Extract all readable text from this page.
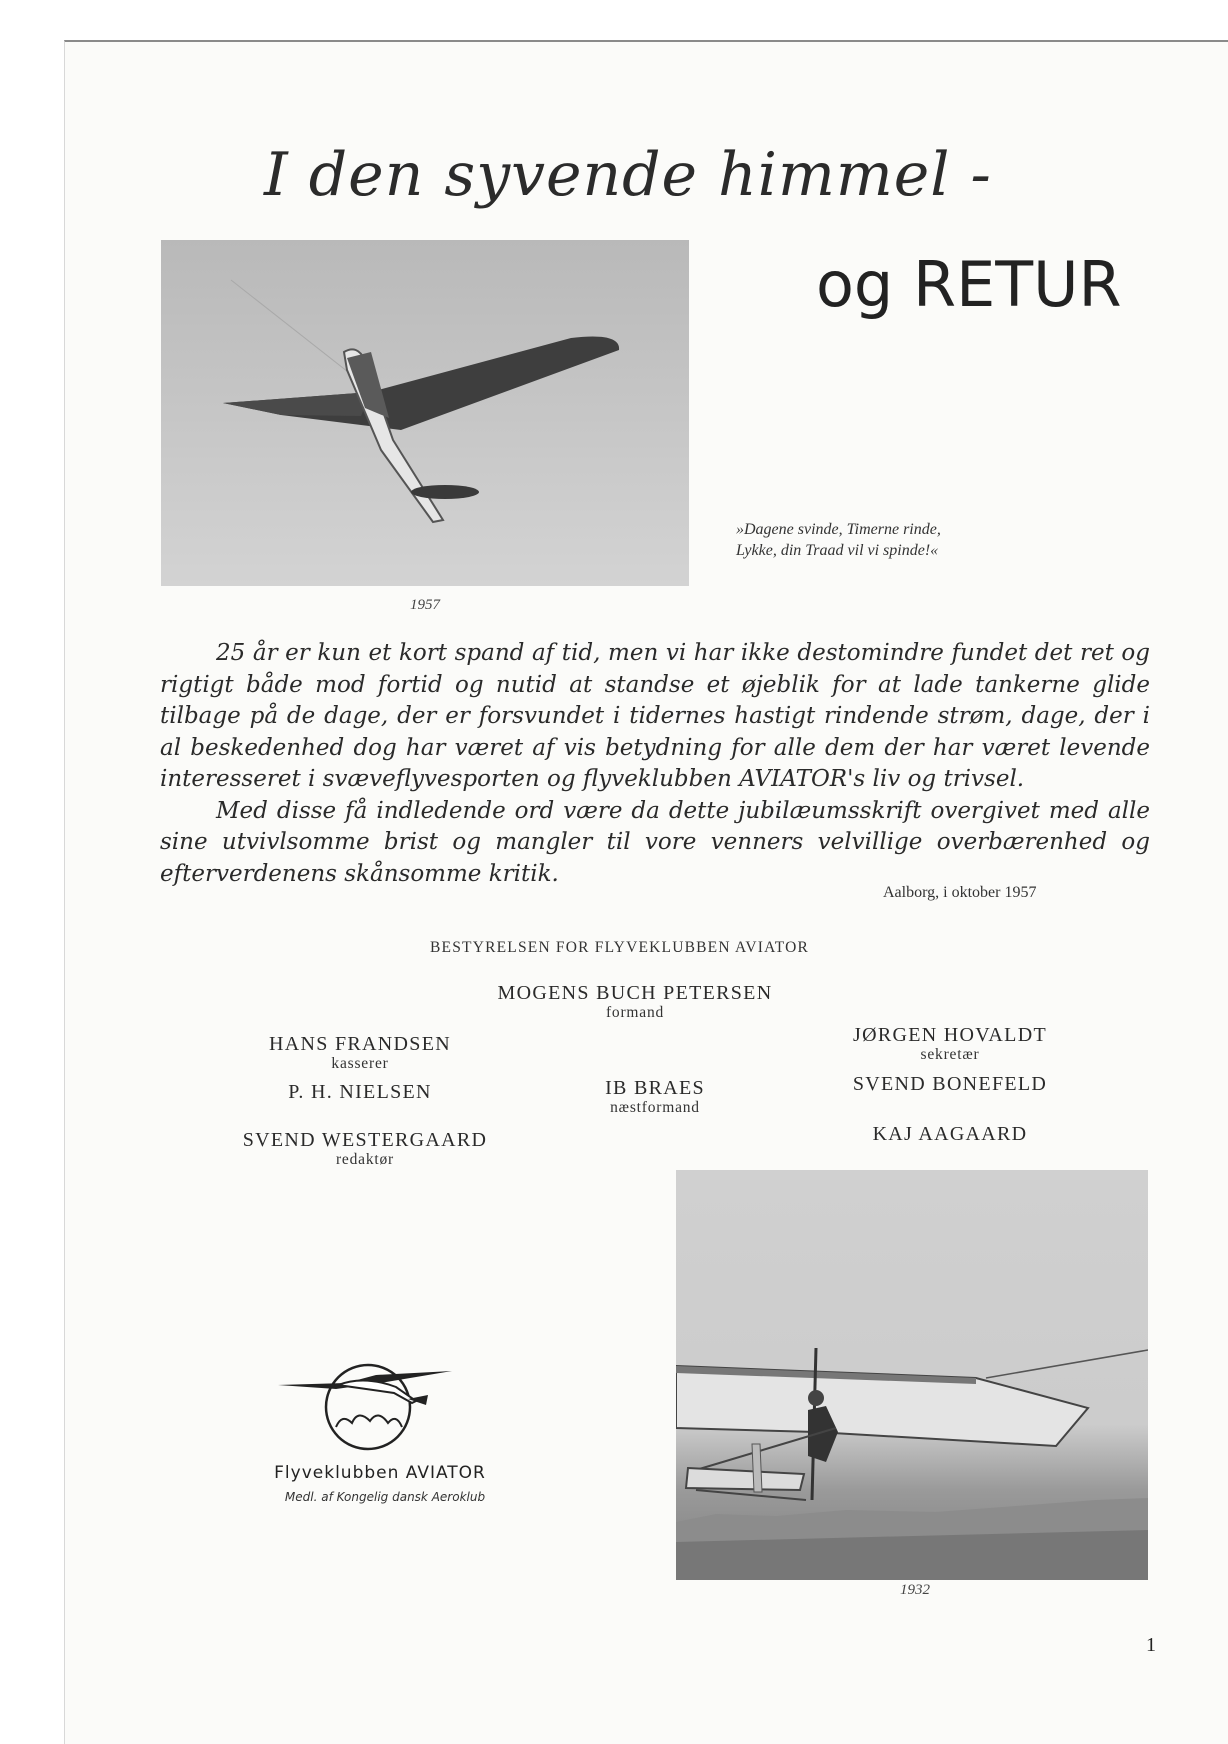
I den syvende himmel -
og RETUR
1957
»Dagene svinde, Timerne rinde,
Lykke, din Traad vil vi spinde!«

25 år er kun et kort spand af tid, men vi har ikke destomindre fundet det ret og rigtigt både mod fortid og nutid at standse et øjeblik for at lade tankerne glide tilbage på de dage, der er forsvundet i tidernes hastigt rindende strøm, dage, der i al beskedenhed dog har været af vis betydning for alle dem der har været levende interesseret i svæveflyvesporten og flyveklubben AVIATOR's liv og trivsel.

Med disse få indledende ord være da dette jubilæumsskrift overgivet med alle sine utvivlsomme brist og mangler til vore venners velvillige overbærenhed og efterverdenens skånsomme kritik.

Aalborg, i oktober 1957
BESTYRELSEN FOR FLYVEKLUBBEN AVIATOR
MOGENS BUCH PETERSEN
formand
HANS FRANDSEN
kasserer
JØRGEN HOVALDT
sekretær
P. H. NIELSEN	IB BRAES
næstformand
SVEND BONEFELD
SVEND WESTERGAARD
redaktør
KAJ AAGAARD
Flyveklubben AVIATOR
Medl. af Kongelig dansk Aeroklub
1932
1
